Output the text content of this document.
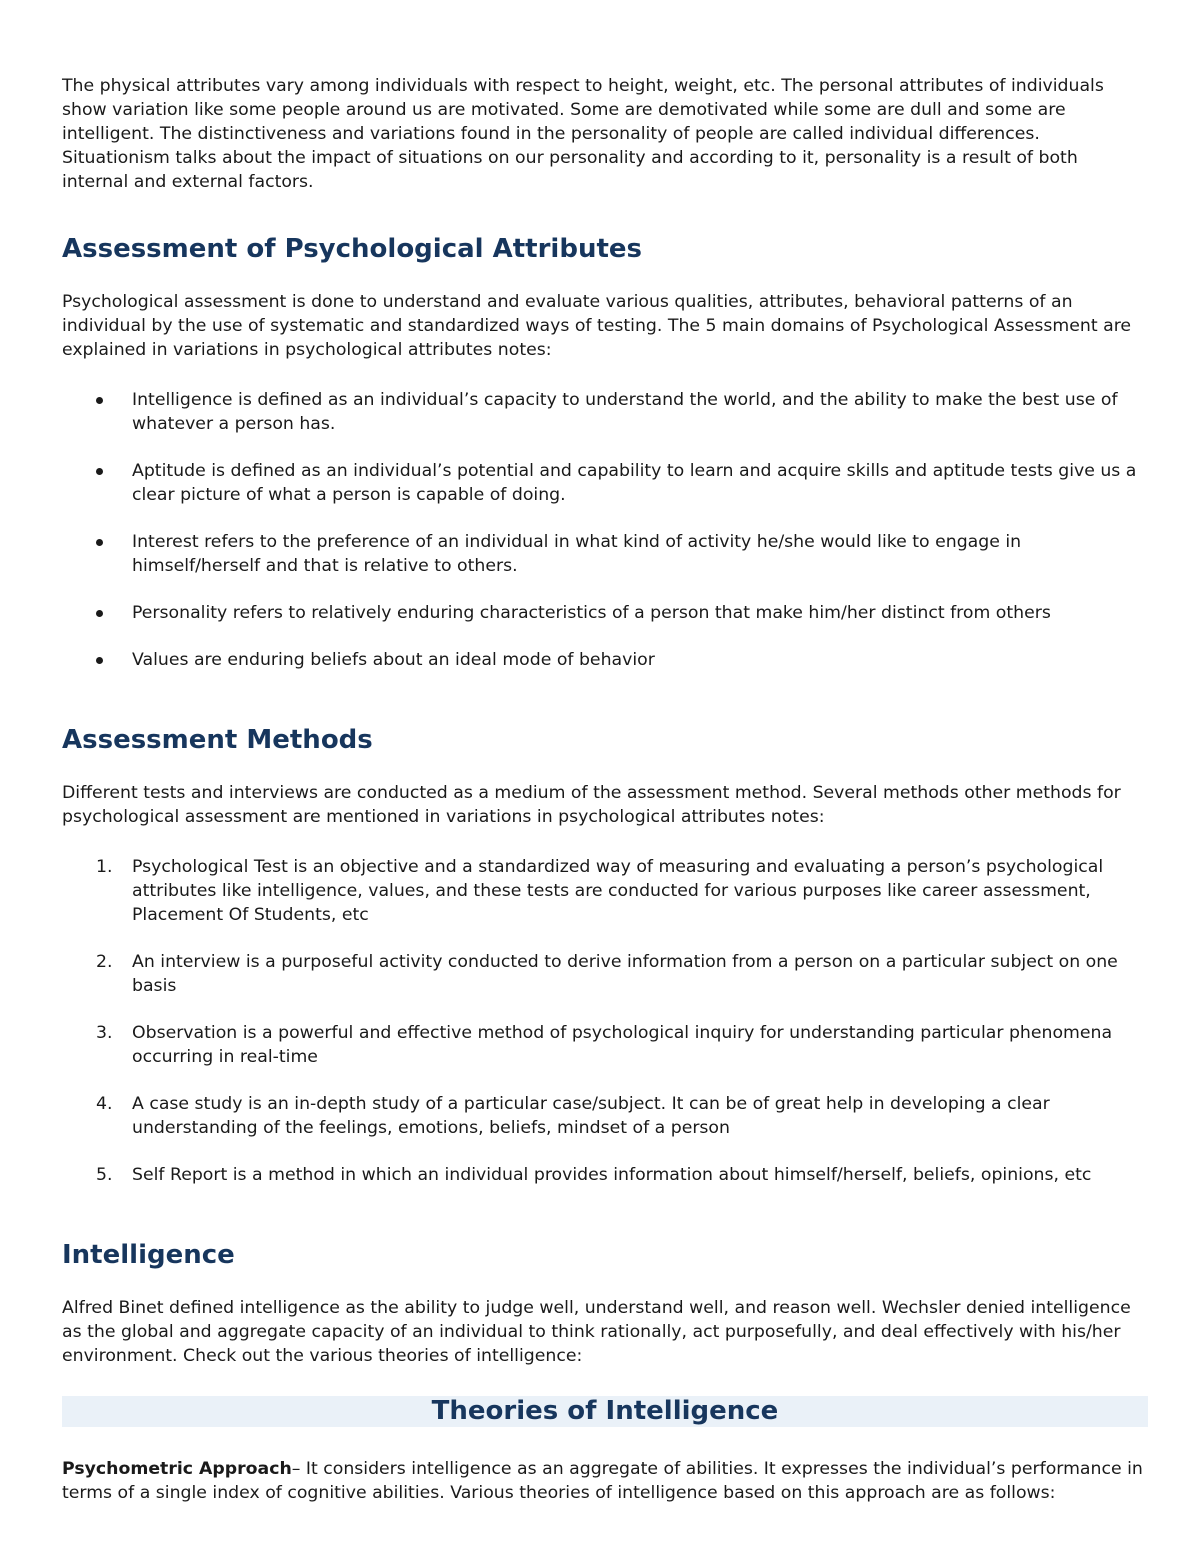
The physical attributes vary among individuals with respect to height, weight, etc. The personal attributes of individuals show variation like some people around us are motivated. Some are demotivated while some are dull and some are intelligent. The distinctiveness and variations found in the personality of people are called individual differences. Situationism talks about the impact of situations on our personality and according to it, personality is a result of both internal and external factors.

Assessment of Psychological Attributes

Psychological assessment is done to understand and evaluate various qualities, attributes, behavioral patterns of an individual by the use of systematic and standardized ways of testing. The 5 main domains of Psychological Assessment are explained in variations in psychological attributes notes:

Intelligence is defined as an individual’s capacity to understand the world, and the ability to make the best use of whatever a person has.
Aptitude is defined as an individual’s potential and capability to learn and acquire skills and aptitude tests give us a clear picture of what a person is capable of doing.
Interest refers to the preference of an individual in what kind of activity he/she would like to engage in himself/herself and that is relative to others.
Personality refers to relatively enduring characteristics of a person that make him/her distinct from others
Values are enduring beliefs about an ideal mode of behavior
Assessment Methods

Different tests and interviews are conducted as a medium of the assessment method. Several methods other methods for psychological assessment are mentioned in variations in psychological attributes notes:

1. Psychological Test is an objective and a standardized way of measuring and evaluating a person’s psychological attributes like intelligence, values, and these tests are conducted for various purposes like career assessment, Placement Of Students, etc
2. An interview is a purposeful activity conducted to derive information from a person on a particular subject on one basis
3. Observation is a powerful and effective method of psychological inquiry for understanding particular phenomena occurring in real-time
4. A case study is an in-depth study of a particular case/subject. It can be of great help in developing a clear understanding of the feelings, emotions, beliefs, mindset of a person
5. Self Report is a method in which an individual provides information about himself/herself, beliefs, opinions, etc
Intelligence

Alfred Binet defined intelligence as the ability to judge well, understand well, and reason well. Wechsler denied intelligence as the global and aggregate capacity of an individual to think rationally, act purposefully, and deal effectively with his/her environment. Check out the various theories of intelligence:

Theories of Intelligence

Psychometric Approach– It considers intelligence as an aggregate of abilities. It expresses the individual’s performance in terms of a single index of cognitive abilities. Various theories of intelligence based on this approach are as follows:
